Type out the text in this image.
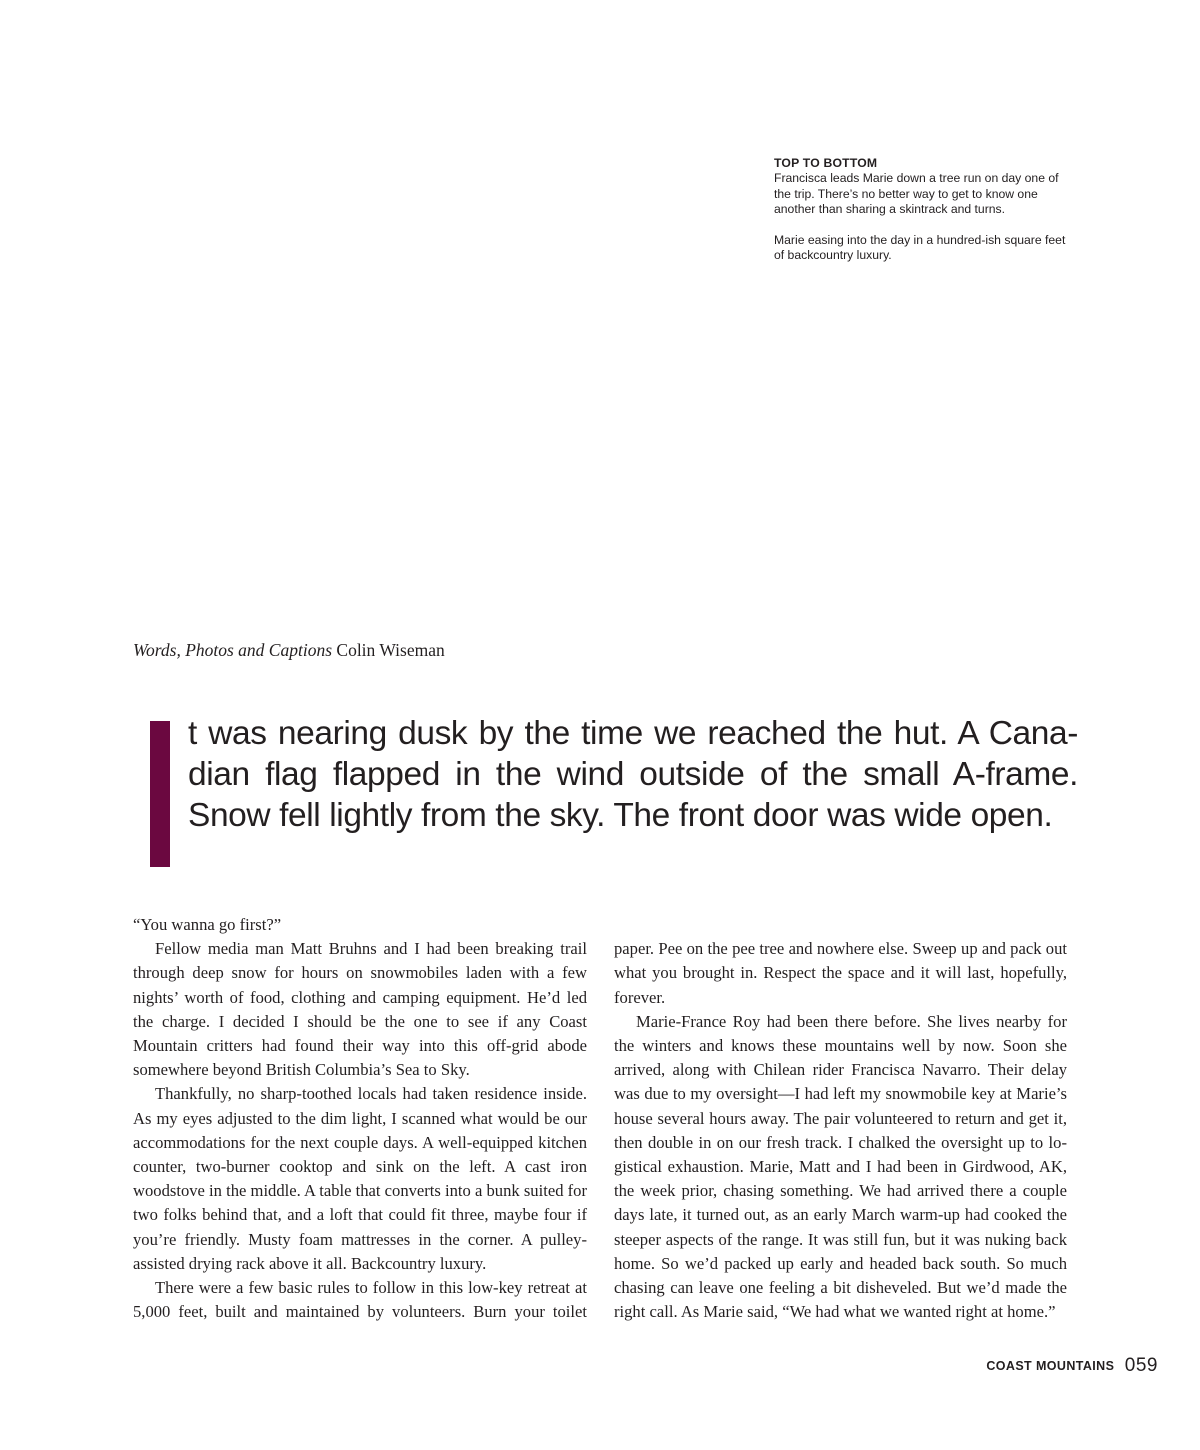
TOP TO BOTTOM

Francisca leads Marie down a tree run on day one of the trip. There’s no better way to get to know one another than sharing a skintrack and turns.

Marie easing into the day in a hundred-ish square feet of backcountry luxury.

Words, Photos and Captions Colin Wiseman
t was nearing dusk by the time we reached the hut. A Cana-
dian flag flapped in the wind outside of the small A-frame.
Snow fell lightly from the sky. The front door was wide open.

“You wanna go first?”

Fellow media man Matt Bruhns and I had been breaking trail through deep snow for hours on snowmobiles laden with a few nights’ worth of food, clothing and camping equipment. He’d led the charge. I decided I should be the one to see if any Coast Mountain critters had found their way into this off-grid abode somewhere beyond British Columbia’s Sea to Sky.

Thankfully, no sharp-toothed locals had taken residence inside. As my eyes adjusted to the dim light, I scanned what would be our accommodations for the next couple days. A well-equipped kitchen counter, two-burner cooktop and sink on the left. A cast iron woodstove in the middle. A table that converts into a bunk suited for two folks behind that, and a loft that could fit three, maybe four if you’re friendly. Musty foam mattresses in the corner. A pulley-assisted drying rack above it all. Backcountry luxury.

There were a few basic rules to follow in this low-key retreat at 5,000 feet, built and maintained by volunteers. Burn your toilet

paper. Pee on the pee tree and nowhere else. Sweep up and pack out what you brought in. Respect the space and it will last, hopefully, forever.

Marie-France Roy had been there before. She lives nearby for the winters and knows these mountains well by now. Soon she arrived, along with Chilean rider Francisca Navarro. Their delay was due to my oversight—I had left my snowmobile key at Marie’s house several hours away. The pair volunteered to return and get it, then double in on our fresh track. I chalked the oversight up to logistical exhaustion. Marie, Matt and I had been in Girdwood, AK, the week prior, chasing something. We had arrived there a couple days late, it turned out, as an early March warm-up had cooked the steeper aspects of the range. It was still fun, but it was nuking back home. So we’d packed up early and headed back south. So much chasing can leave one feeling a bit disheveled. But we’d made the right call. As Marie said, “We had what we wanted right at home.”

COAST MOUNTAINS 059
